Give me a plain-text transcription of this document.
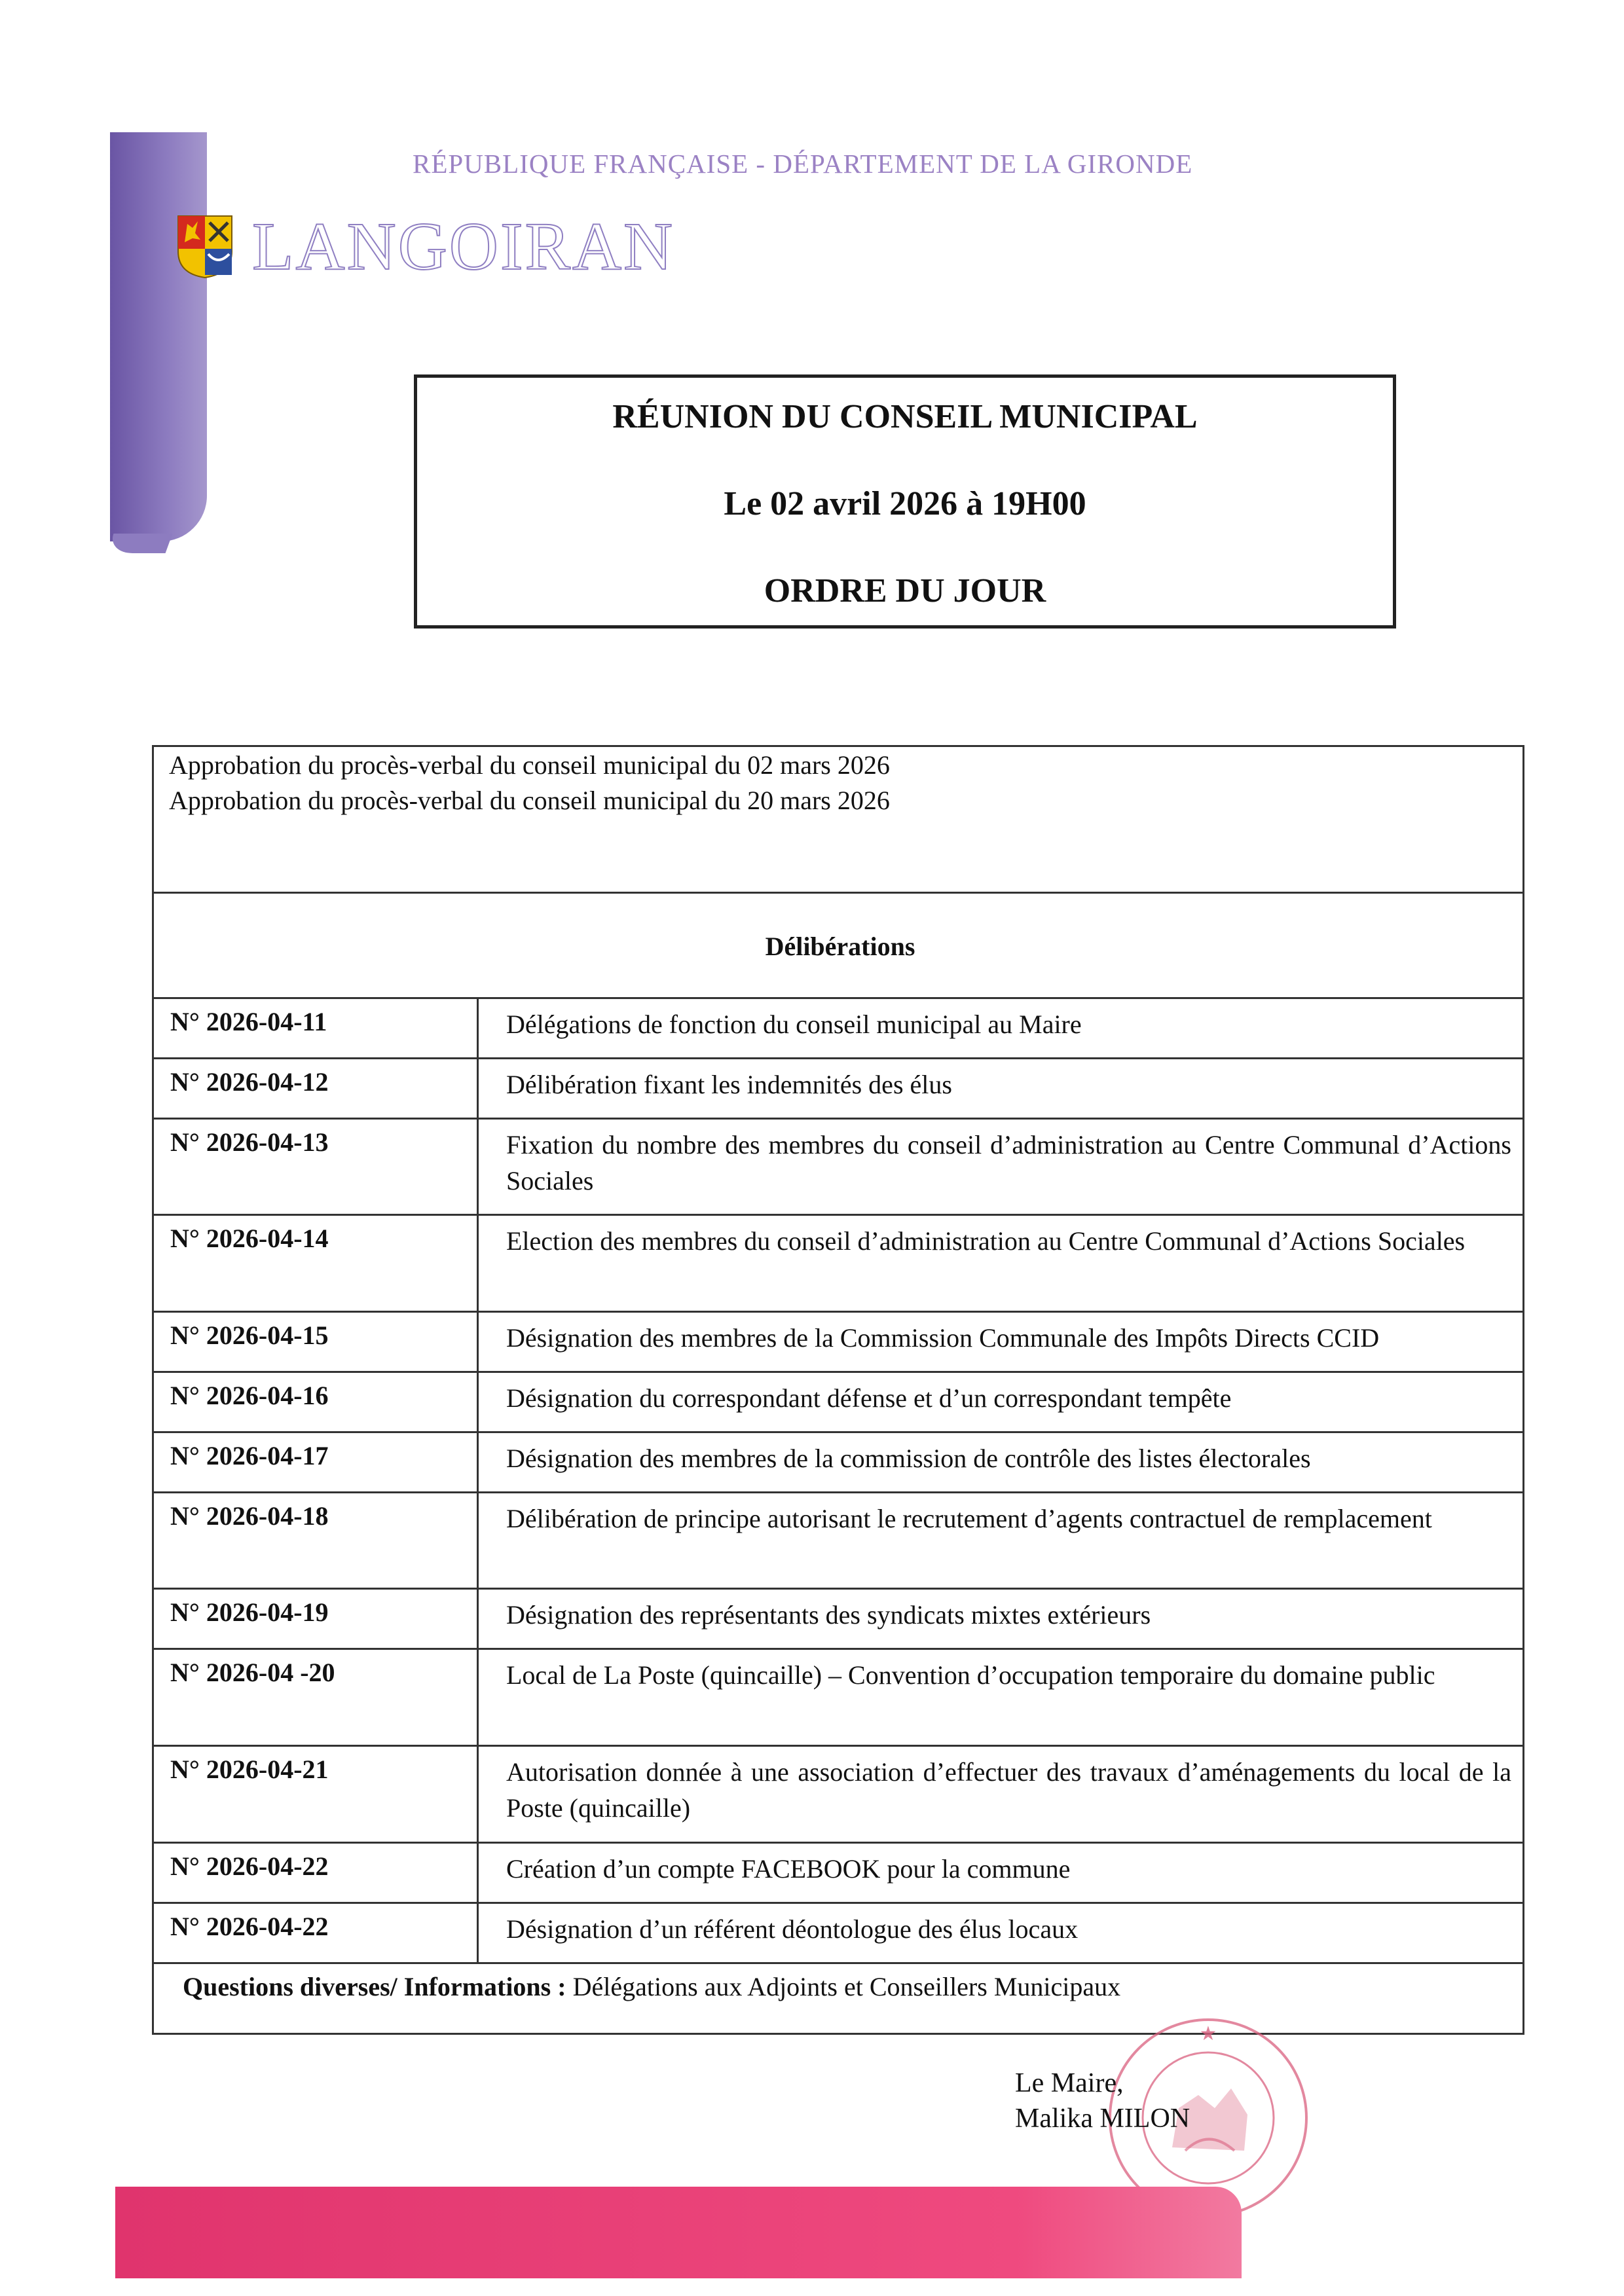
RÉPUBLIQUE FRANÇAISE - DÉPARTEMENT DE LA GIRONDE
LANGOIRAN
RÉUNION DU CONSEIL MUNICIPAL
Le 02 avril 2026 à 19H00
ORDRE DU JOUR
Approbation du procès-verbal du conseil municipal du 02 mars 2026
Approbation du procès-verbal du conseil municipal du 20 mars 2026
Délibérations
N° 2026-04-11	Délégations de fonction du conseil municipal au Maire
N° 2026-04-12	Délibération fixant les indemnités des élus
N° 2026-04-13	Fixation du nombre des membres du conseil d’administration au Centre Communal d’Actions Sociales
N° 2026-04-14	Election des membres du conseil d’administration au Centre Communal d’Actions Sociales
N° 2026-04-15	Désignation des membres de la Commission Communale des Impôts Directs CCID
N° 2026-04-16	Désignation du correspondant défense et d’un correspondant tempête
N° 2026-04-17	Désignation des membres de la commission de contrôle des listes électorales
N° 2026-04-18	Délibération de principe autorisant le recrutement d’agents contractuel de remplacement
N° 2026-04-19	Désignation des représentants des syndicats mixtes extérieurs
N° 2026-04 -20	Local de La Poste (quincaille) – Convention d’occupation temporaire du domaine public
N° 2026-04-21	Autorisation donnée à une association d’effectuer des travaux d’aménagements du local de la Poste (quincaille)
N° 2026-04-22	Création d’un compte FACEBOOK pour la commune
N° 2026-04-22	Désignation d’un référent déontologue des élus locaux
Questions diverses/ Informations : Délégations aux Adjoints et Conseillers Municipaux
★
Le Maire,
Malika MILON
